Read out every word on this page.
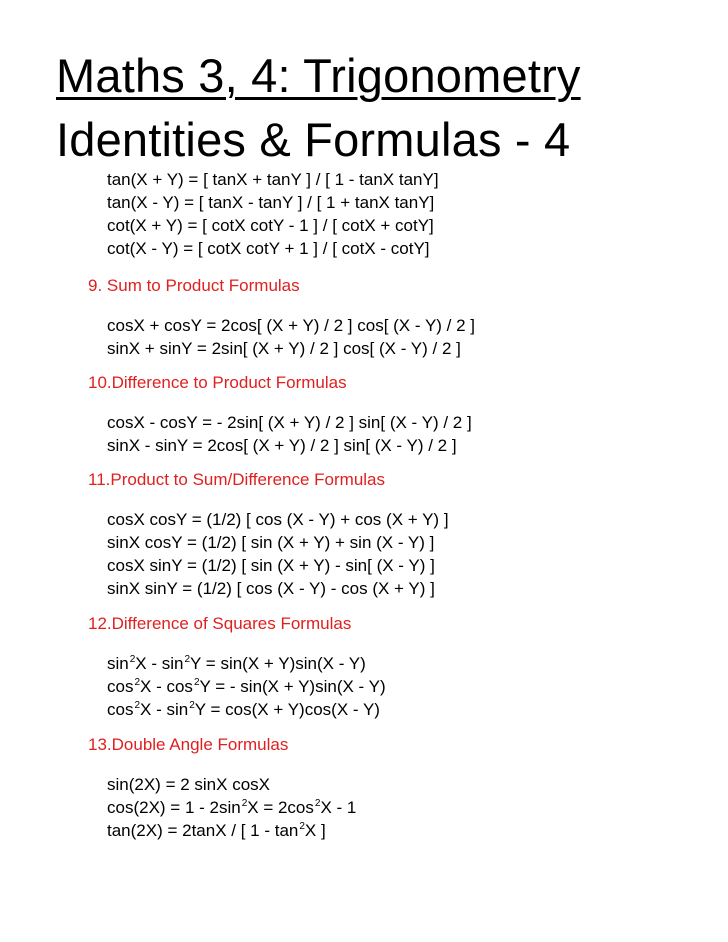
Maths 3, 4: Trigonometry
Identities & Formulas - 4
tan(X + Y) = [ tanX + tanY ] / [ 1 - tanX tanY]
tan(X - Y) = [ tanX - tanY ] / [ 1 + tanX tanY]
cot(X + Y) = [ cotX cotY - 1 ] / [ cotX + cotY]
cot(X - Y) = [ cotX cotY + 1 ] / [ cotX - cotY]
9. Sum to Product Formulas
cosX + cosY = 2cos[ (X + Y) / 2 ] cos[ (X - Y) / 2 ]
sinX + sinY = 2sin[ (X + Y) / 2 ] cos[ (X - Y) / 2 ]
10.Difference to Product Formulas
cosX - cosY = - 2sin[ (X + Y) / 2 ] sin[ (X - Y) / 2 ]
sinX - sinY = 2cos[ (X + Y) / 2 ] sin[ (X - Y) / 2 ]
11.Product to Sum/Difference Formulas
cosX cosY = (1/2) [ cos (X - Y) + cos (X + Y) ]
sinX cosY = (1/2) [ sin (X + Y) + sin (X - Y) ]
cosX sinY = (1/2) [ sin (X + Y) - sin[ (X - Y) ]
sinX sinY = (1/2) [ cos (X - Y) - cos (X + Y) ]
12.Difference of Squares Formulas
$\sin^2X - \sin^2Y = \sin(X + Y)\sin(X - Y)$
$\cos^2X - \cos^2Y$ = - sin(X + Y)sin(X - Y)
$\cos^2X - \sin^2Y = \cos(X + Y)\cos(X - Y)$
13.Double Angle Formulas
sin(2X) = 2 sinX cosX
$\cos(2X) = 1 - 2\sin^2X = 2\cos^2X - 1$
tan(2X) = 2tanX / [ $1 - \tan^2X$ ]
